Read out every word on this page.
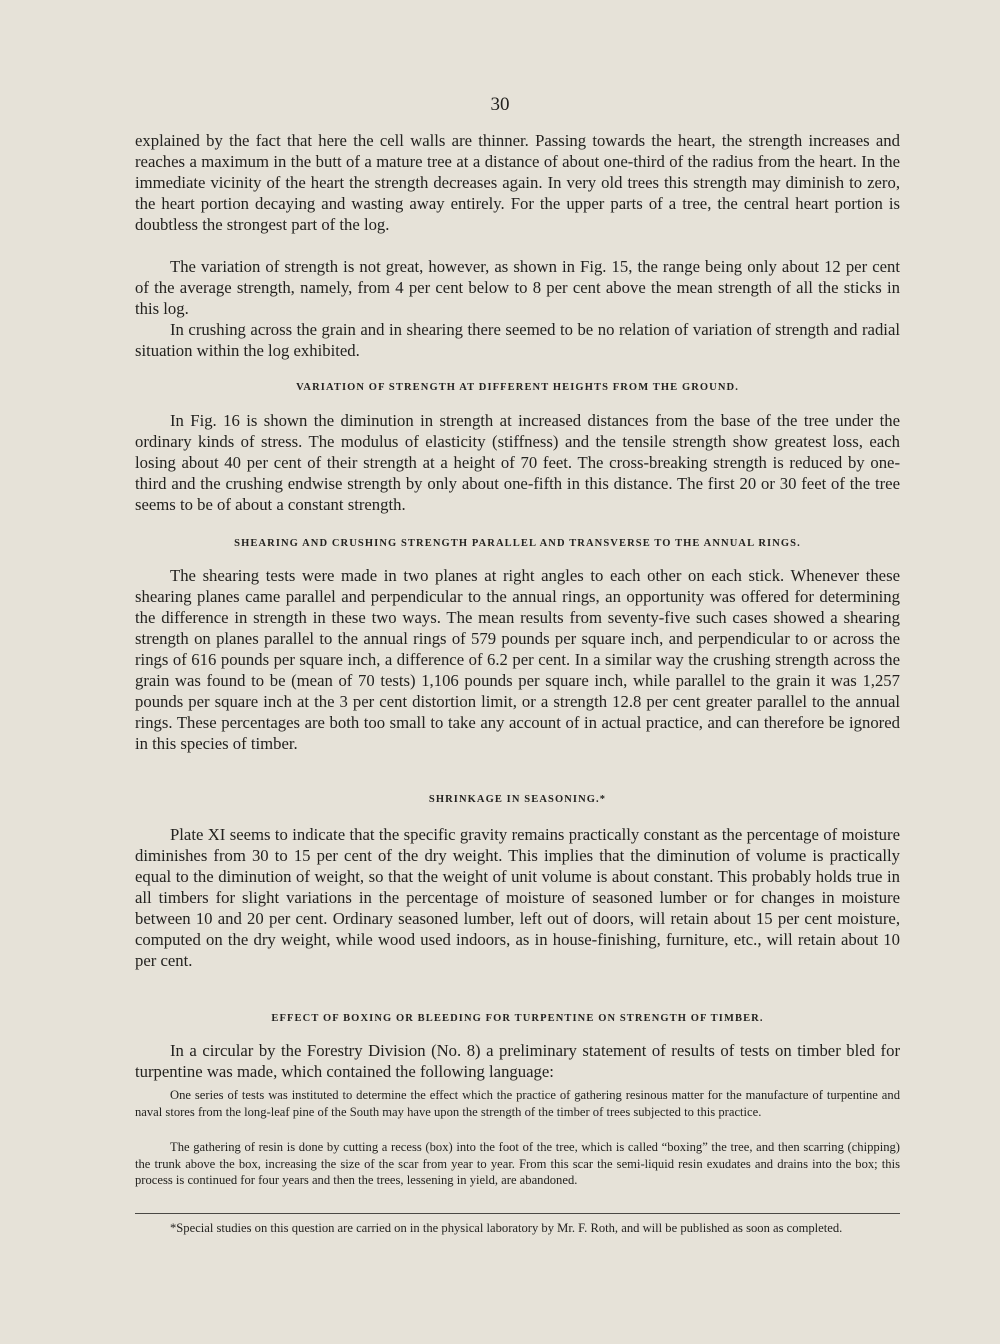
30

explained by the fact that here the cell walls are thinner. Passing towards the heart, the strength increases and reaches a maximum in the butt of a mature tree at a distance of about one-third of the radius from the heart. In the immediate vicinity of the heart the strength decreases again. In very old trees this strength may diminish to zero, the heart portion decaying and wasting away entirely. For the upper parts of a tree, the central heart portion is doubtless the strongest part of the log.

The variation of strength is not great, however, as shown in Fig. 15, the range being only about 12 per cent of the average strength, namely, from 4 per cent below to 8 per cent above the mean strength of all the sticks in this log.

In crushing across the grain and in shearing there seemed to be no relation of variation of strength and radial situation within the log exhibited.

VARIATION OF STRENGTH AT DIFFERENT HEIGHTS FROM THE GROUND.

In Fig. 16 is shown the diminution in strength at increased distances from the base of the tree under the ordinary kinds of stress. The modulus of elasticity (stiffness) and the tensile strength show greatest loss, each losing about 40 per cent of their strength at a height of 70 feet. The cross-breaking strength is reduced by one-third and the crushing endwise strength by only about one-fifth in this distance. The first 20 or 30 feet of the tree seems to be of about a constant strength.

SHEARING AND CRUSHING STRENGTH PARALLEL AND TRANSVERSE TO THE ANNUAL RINGS.

The shearing tests were made in two planes at right angles to each other on each stick. Whenever these shearing planes came parallel and perpendicular to the annual rings, an opportunity was offered for determining the difference in strength in these two ways. The mean results from seventy-five such cases showed a shearing strength on planes parallel to the annual rings of 579 pounds per square inch, and perpendicular to or across the rings of 616 pounds per square inch, a difference of 6.2 per cent. In a similar way the crushing strength across the grain was found to be (mean of 70 tests) 1,106 pounds per square inch, while parallel to the grain it was 1,257 pounds per square inch at the 3 per cent distortion limit, or a strength 12.8 per cent greater parallel to the annual rings. These percentages are both too small to take any account of in actual practice, and can therefore be ignored in this species of timber.

SHRINKAGE IN SEASONING.*

Plate XI seems to indicate that the specific gravity remains practically constant as the percentage of moisture diminishes from 30 to 15 per cent of the dry weight. This implies that the diminution of volume is practically equal to the diminution of weight, so that the weight of unit volume is about constant. This probably holds true in all timbers for slight variations in the percentage of moisture of seasoned lumber or for changes in moisture between 10 and 20 per cent. Ordinary seasoned lumber, left out of doors, will retain about 15 per cent moisture, computed on the dry weight, while wood used indoors, as in house-finishing, furniture, etc., will retain about 10 per cent.

EFFECT OF BOXING OR BLEEDING FOR TURPENTINE ON STRENGTH OF TIMBER.

In a circular by the Forestry Division (No. 8) a preliminary statement of results of tests on timber bled for turpentine was made, which contained the following language:

One series of tests was instituted to determine the effect which the practice of gathering resinous matter for the manufacture of turpentine and naval stores from the long-leaf pine of the South may have upon the strength of the timber of trees subjected to this practice.

The gathering of resin is done by cutting a recess (box) into the foot of the tree, which is called “boxing” the tree, and then scarring (chipping) the trunk above the box, increasing the size of the scar from year to year. From this scar the semi-liquid resin exudates and drains into the box; this process is continued for four years and then the trees, lessening in yield, are abandoned.

*Special studies on this question are carried on in the physical laboratory by Mr. F. Roth, and will be published as soon as completed.
